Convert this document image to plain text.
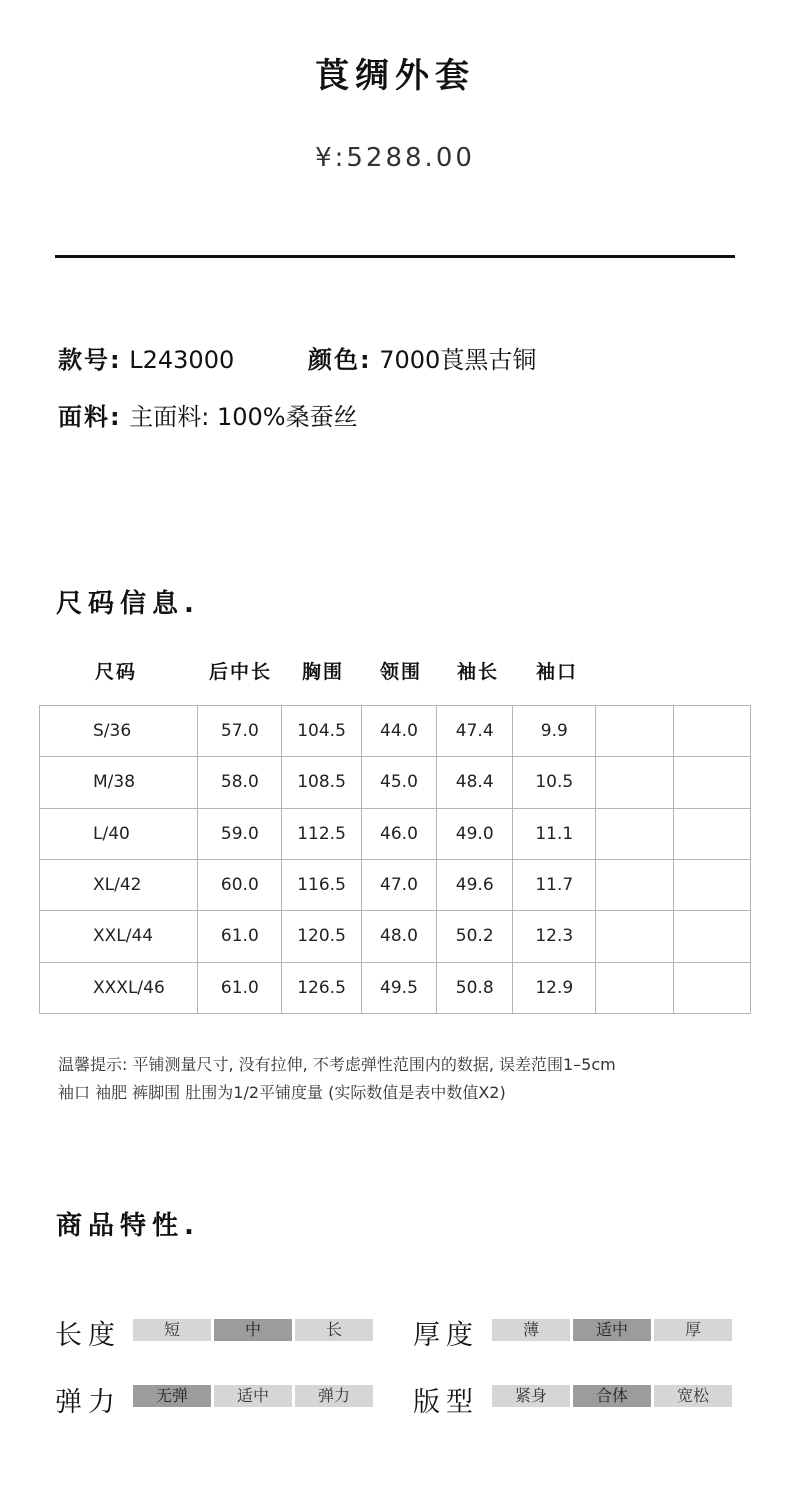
莨绸外套
¥:5288.00
款号: L243000	颜色: 7000莨黑古铜
面料: 主面料: 100%桑蚕丝
尺码信息.
尺码	后中长 胸围 领围 袖长 袖口
S/36	57.0	104.5	44.0	47.4	9.9		
M/38	58.0	108.5	45.0	48.4	10.5		
L/40	59.0	112.5	46.0	49.0	11.1		
XL/42	60.0	116.5	47.0	49.6	11.7		
XXL/44	61.0	120.5	48.0	50.2	12.3		
XXXL/46	61.0	126.5	49.5	50.8	12.9		
温馨提示: 平铺测量尺寸, 没有拉伸, 不考虑弹性范围内的数据, 误差范围1–5cm
袖口 袖肥 裤脚围 肚围为1/2平铺度量 (实际数值是表中数值X2)
商品特性.
长度	短	中	长	厚度	薄	适中	厚
弹力	无弹	适中	弹力	版型	紧身	合体	宽松
